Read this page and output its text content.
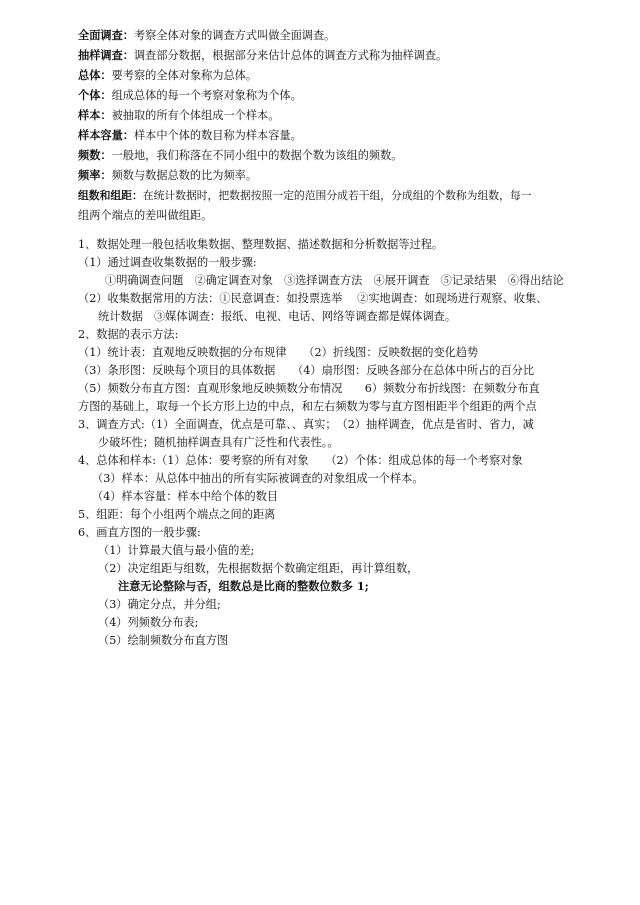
全面调查：考察全体对象的调查方式叫做全面调查。
抽样调查：调查部分数据，根据部分来估计总体的调查方式称为抽样调查。
总体：要考察的全体对象称为总体。
个体：组成总体的每一个考察对象称为个体。
样本：被抽取的所有个体组成一个样本。
样本容量：样本中个体的数目称为样本容量。
频数：一般地，我们称落在不同小组中的数据个数为该组的频数。
频率：频数与数据总数的比为频率。
组数和组距：在统计数据时，把数据按照一定的范围分成若干组，分成组的个数称为组数，每一
组两个端点的差叫做组距。
1、数据处理一般包括收集数据、整理数据、描述数据和分析数据等过程。
（1）通过调查收集数据的一般步骤:
①明确调查问题　②确定调查对象　③选择调查方法　④展开调查　⑤记录结果　⑥得出结论
（2）收集数据常用的方法：①民意调查：如投票选举　 ②实地调查：如现场进行观察、收集、
统计数据　③媒体调查：报纸、电视、电话、网络等调查都是媒体调查。
2、数据的表示方法:
（1）统计表：直观地反映数据的分布规律　　（2）折线图：反映数据的变化趋势
（3）条形图：反映每个项目的具体数据　　（4）扇形图：反映各部分在总体中所占的百分比
（5）频数分布直方图：直观形象地反映频数分布情况　　6）频数分布折线图：在频数分布直
方图的基础上，取每一个长方形上边的中点，和左右频数为零与直方图相距半个组距的两个点
3、调查方式:（1）全面调查，优点是可靠、、真实；　（2）抽样调查，优点是省时、省力，减
少破坏性；随机抽样调查具有广泛性和代表性。。
4、总体和样本:（1）总体：要考察的所有对象　　（2）个体：组成总体的每一个考察对象
（3）样本：从总体中抽出的所有实际被调查的对象组成一个样本。
（4）样本容量：样本中给个体的数目
5、组距：每个小组两个端点之间的距离
6、画直方图的一般步骤:
（1）计算最大值与最小值的差;
（2）决定组距与组数，先根据数据个数确定组距，再计算组数，
注意无论整除与否，组数总是比商的整数位数多 1;
（3）确定分点，并分组;
（4）列频数分布表;
（5）绘制频数分布直方图
